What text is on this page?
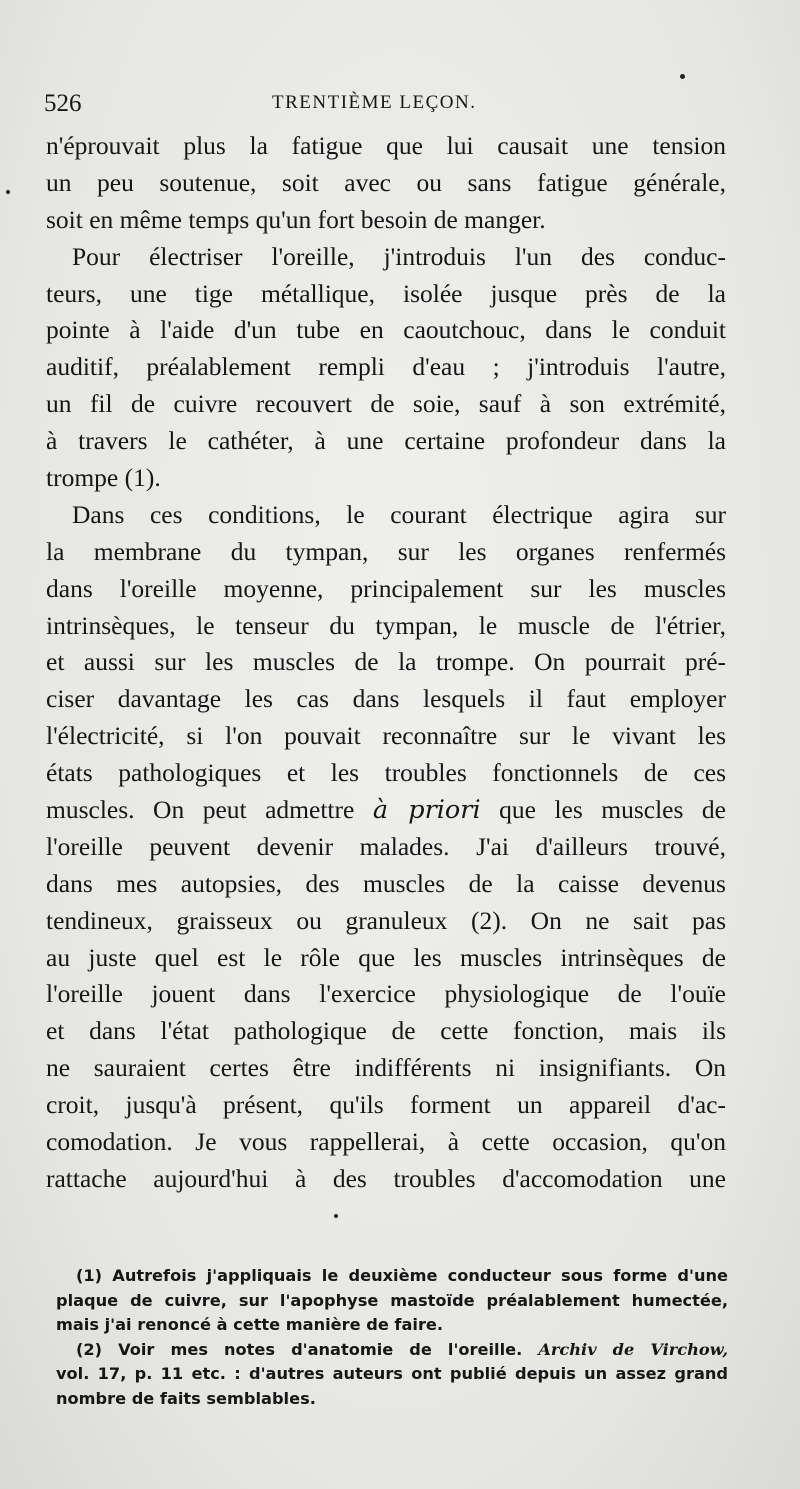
526	TRENTIÈME LEÇON.
n'éprouvait plus la fatigue que lui causait une tension
un peu soutenue, soit avec ou sans fatigue générale,
soit en même temps qu'un fort besoin de manger.
Pour électriser l'oreille, j'introduis l'un des conduc-
teurs, une tige métallique, isolée jusque près de la
pointe à l'aide d'un tube en caoutchouc, dans le conduit
auditif, préalablement rempli d'eau ; j'introduis l'autre,
un fil de cuivre recouvert de soie, sauf à son extrémité,
à travers le cathéter, à une certaine profondeur dans la
trompe (1).
Dans ces conditions, le courant électrique agira sur
la membrane du tympan, sur les organes renfermés
dans l'oreille moyenne, principalement sur les muscles
intrinsèques, le tenseur du tympan, le muscle de l'étrier,
et aussi sur les muscles de la trompe. On pourrait pré-
ciser davantage les cas dans lesquels il faut employer
l'électricité, si l'on pouvait reconnaître sur le vivant les
états pathologiques et les troubles fonctionnels de ces
muscles. On peut admettre à priori que les muscles de
l'oreille peuvent devenir malades. J'ai d'ailleurs trouvé,
dans mes autopsies, des muscles de la caisse devenus
tendineux, graisseux ou granuleux (2). On ne sait pas
au juste quel est le rôle que les muscles intrinsèques de
l'oreille jouent dans l'exercice physiologique de l'ouïe
et dans l'état pathologique de cette fonction, mais ils
ne sauraient certes être indifférents ni insignifiants. On
croit, jusqu'à présent, qu'ils forment un appareil d'ac-
comodation. Je vous rappellerai, à cette occasion, qu'on
rattache aujourd'hui à des troubles d'accomodation une
(1) Autrefois j'appliquais le deuxième conducteur sous forme d'une
plaque de cuivre, sur l'apophyse mastoïde préalablement humectée,
mais j'ai renoncé à cette manière de faire.
(2) Voir mes notes d'anatomie de l'oreille. Archiv de Virchow,
vol. 17, p. 11 etc. : d'autres auteurs ont publié depuis un assez grand
nombre de faits semblables.
